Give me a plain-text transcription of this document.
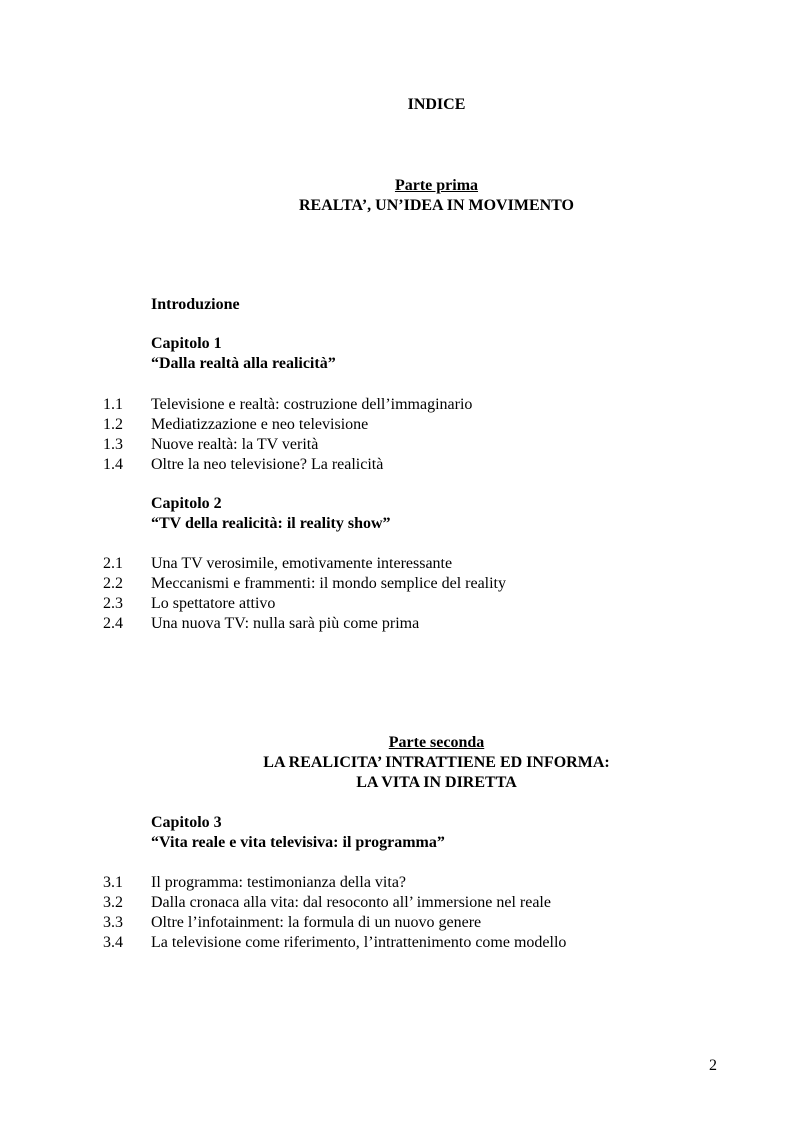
INDICE
Parte prima
REALTA’, UN’IDEA IN MOVIMENTO
Introduzione
Capitolo 1
“Dalla realtà alla realicità”
1.1 Televisione e realtà: costruzione dell’immaginario
1.2 Mediatizzazione e neo televisione
1.3 Nuove realtà: la TV verità
1.4 Oltre la neo televisione? La realicità
Capitolo 2
“TV della realicità: il reality show”
2.1 Una TV verosimile, emotivamente interessante
2.2 Meccanismi e frammenti: il mondo semplice del reality
2.3 Lo spettatore attivo
2.4 Una nuova TV: nulla sarà più come prima
Parte seconda
LA REALICITA’ INTRATTIENE ED INFORMA:
LA VITA IN DIRETTA
Capitolo 3
“Vita reale e vita televisiva: il programma”
3.1 Il programma: testimonianza della vita?
3.2 Dalla cronaca alla vita: dal resoconto all’ immersione nel reale
3.3 Oltre l’infotainment: la formula di un nuovo genere
3.4 La televisione come riferimento, l’intrattenimento come modello
2
